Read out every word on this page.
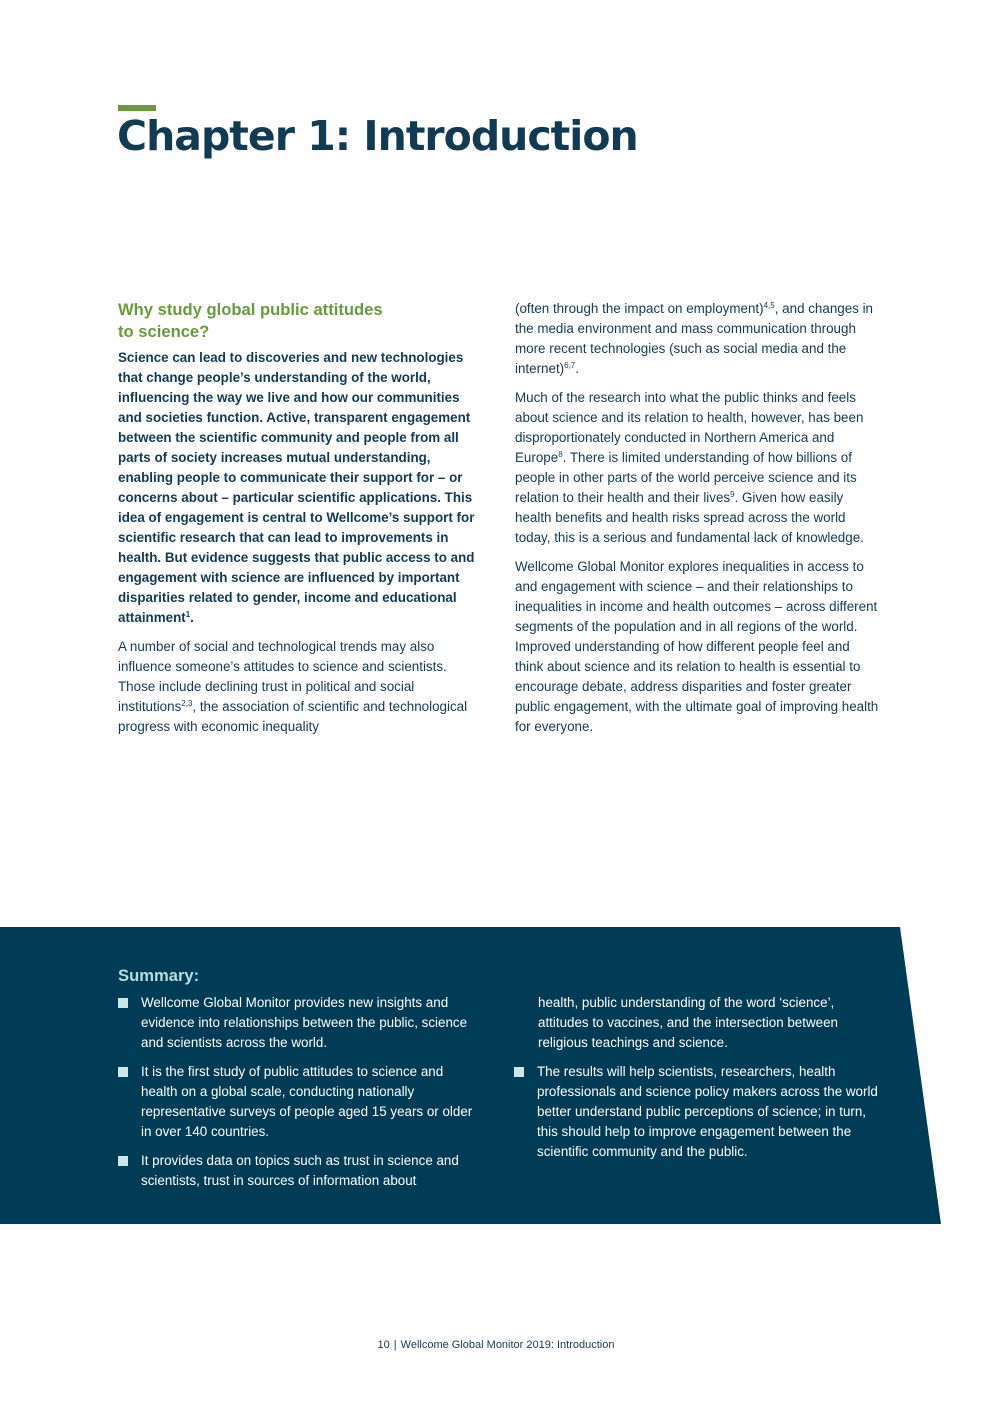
Chapter 1: Introduction
Why study global public attitudes
to science?

Science can lead to discoveries and new technologies that change people’s understanding of the world, influencing the way we live and how our communities and societies function. Active, transparent engagement between the scientific community and people from all parts of society increases mutual understanding, enabling people to communicate their support for – or concerns about – particular scientific applications. This idea of engagement is central to Wellcome’s support for scientific research that can lead to improvements in health. But evidence suggests that public access to and engagement with science are influenced by important disparities related to gender, income and educational attainment$^1$.

A number of social and technological trends may also influence someone’s attitudes to science and scientists. Those include declining trust in political and social institutions$^{2,3}$, the association of scientific and technological progress with economic inequality

(often through the impact on employment)$^{4,5}$, and changes in the media environment and mass communication through more recent technologies (such as social media and the internet)$^{6,7}$.

Much of the research into what the public thinks and feels about science and its relation to health, however, has been disproportionately conducted in Northern America and Europe$^8$. There is limited understanding of how billions of people in other parts of the world perceive science and its relation to their health and their lives$^9$. Given how easily health benefits and health risks spread across the world today, this is a serious and fundamental lack of knowledge.

Wellcome Global Monitor explores inequalities in access to and engagement with science – and their relationships to inequalities in income and health outcomes – across different segments of the population and in all regions of the world. Improved understanding of how different people feel and think about science and its relation to health is essential to encourage debate, address disparities and foster greater public engagement, with the ultimate goal of improving health for everyone.

Summary:
Wellcome Global Monitor provides new insights and evidence into relationships between the public, science and scientists across the world.
It is the first study of public attitudes to science and health on a global scale, conducting nationally representative surveys of people aged 15 years or older in over 140 countries.
It provides data on topics such as trust in science and scientists, trust in sources of information about
health, public understanding of the word ‘science’, attitudes to vaccines, and the intersection between religious teachings and science.
The results will help scientists, researchers, health professionals and science policy makers across the world better understand public perceptions of science; in turn, this should help to improve engagement between the scientific community and the public.
10 | Wellcome Global Monitor 2019: Introduction
